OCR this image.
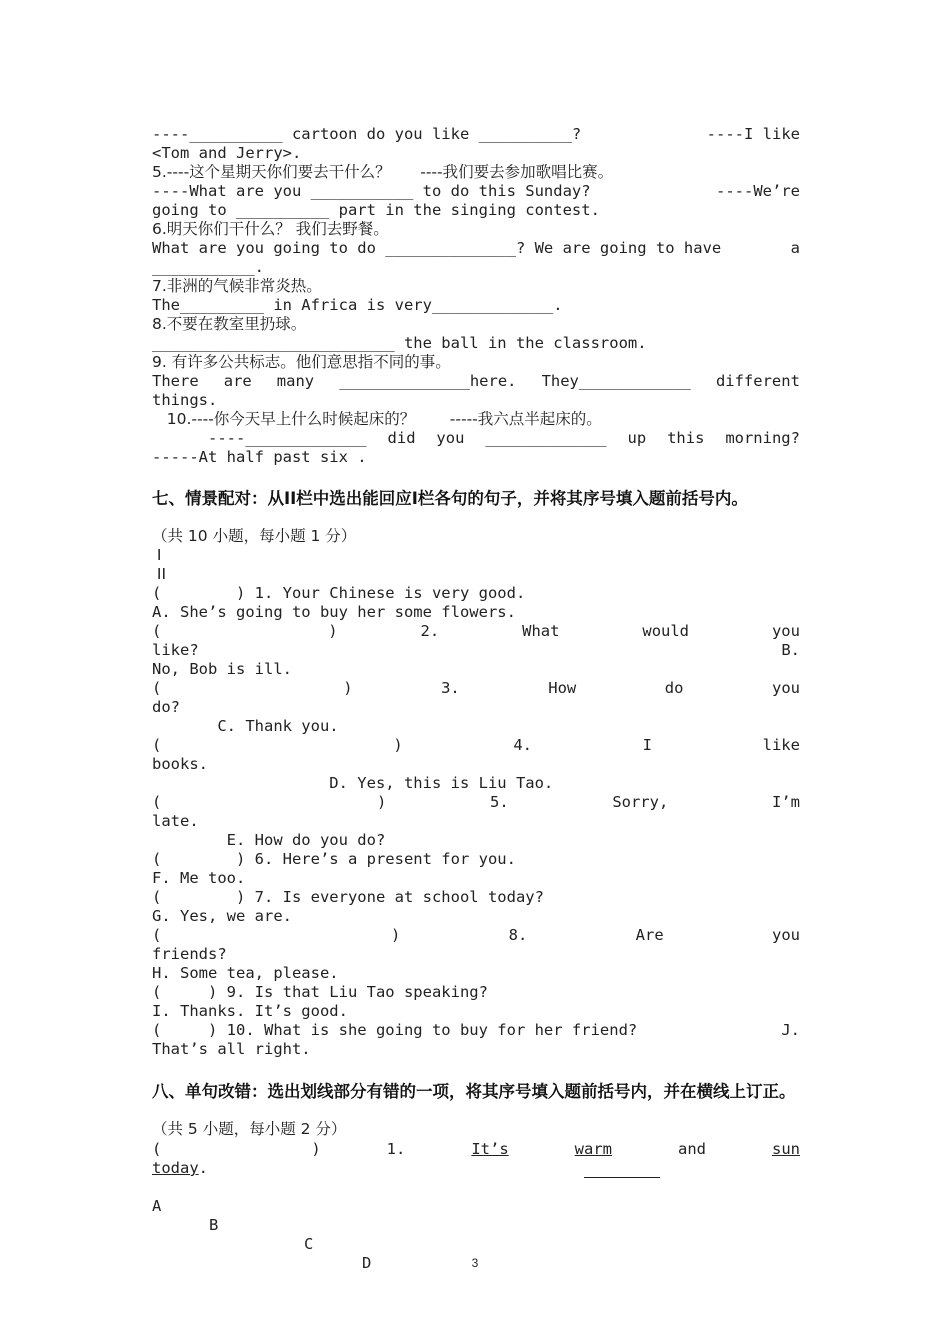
----__________ cartoon do you like __________?	----I like
<Tom and Jerry>.
5.----这个星期天你们要去干什么？      ----我们要去参加歌唱比赛。
----What are you ___________ to do this Sunday?	----We’re
going to __________ part in the singing contest.
6.明天你们干什么？ 我们去野餐。
What are you going to do ______________? We are going to have	a
___________.
7.非洲的气候非常炎热。
The_________ in Africa is very_____________.
8.不要在教室里扔球。
__________________________ the ball in the classroom.
9. 有许多公共标志。他们意思指不同的事。
There are many ______________here. They____________ different
things.
10.----你今天早上什么时候起床的？       -----我六点半起床的。
----_____________ did you _____________ up this morning?
-----At half past six .
七、情景配对：从II栏中选出能回应I栏各句的句子，并将其序号填入题前括号内。
（共 10 小题，每小题 1 分）
I
II
(        ) 1. Your Chinese is very good.
A. She’s going to buy her some flowers.
(	)	2.	What	would	you
like?	B.
No, Bob is ill.
(	)	3.	How	do	you
do?
C. Thank you.
(	)	4.	I	like
books.
D. Yes, this is Liu Tao.
(	)	5.	Sorry,	I’m
late.
E. How do you do?
(        ) 6. Here’s a present for you.
F. Me too.
(        ) 7. Is everyone at school today?
G. Yes, we are.
(	)	8.	Are	you
friends?
H. Some tea, please.
(     ) 9. Is that Liu Tao speaking?
I. Thanks. It’s good.
(     ) 10. What is she going to buy for her friend?	J.
That’s all right.
八、单句改错：选出划线部分有错的一项，将其序号填入题前括号内，并在横线上订正。
（共 5 小题，每小题 2 分）
(	)	1.	It’s	warm	and	sun
today.

A

B

C

D

	3
